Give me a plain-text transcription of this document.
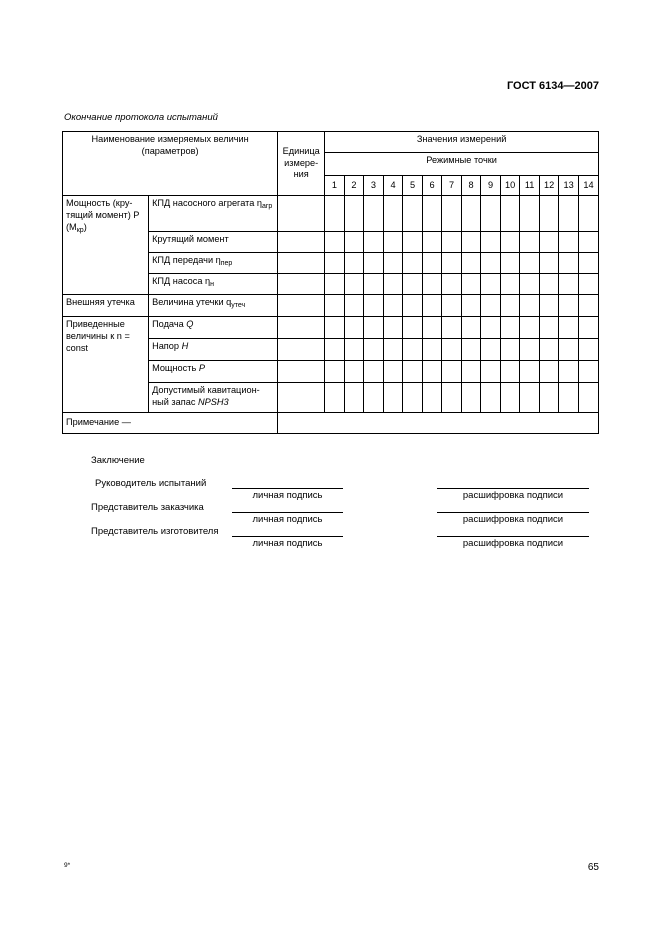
ГОСТ 6134—2007
Окончание протокола испытаний
Наименование измеряемых величин (параметров)		Единица измере-ния	Значения измерений													
			Режимные точки													
			1	2	3	4	5	6	7	8	9	10	11	12	13	14
Мощность (кру-тящий момент) P $(M_{кр})$	КПД насосного агрегата $\eta_{агр}$															
	Крутящий момент															
	КПД передачи $\eta_{пер}$															
	КПД насоса $\eta_н$															
Внешняя утечка	Величина утечки $q_{утеч}$															
Приведенные величины к n = const	Подача Q															
	Напор H															
	Мощность P															
	Допустимый кавитацион-ный запас NPSH3															
Примечание —																
Заключение
Руководитель испытаний
личная подпись	расшифровка подписи
Представитель заказчика
личная подпись	расшифровка подписи
Представитель изготовителя
личная подпись	расшифровка подписи
9*	65
